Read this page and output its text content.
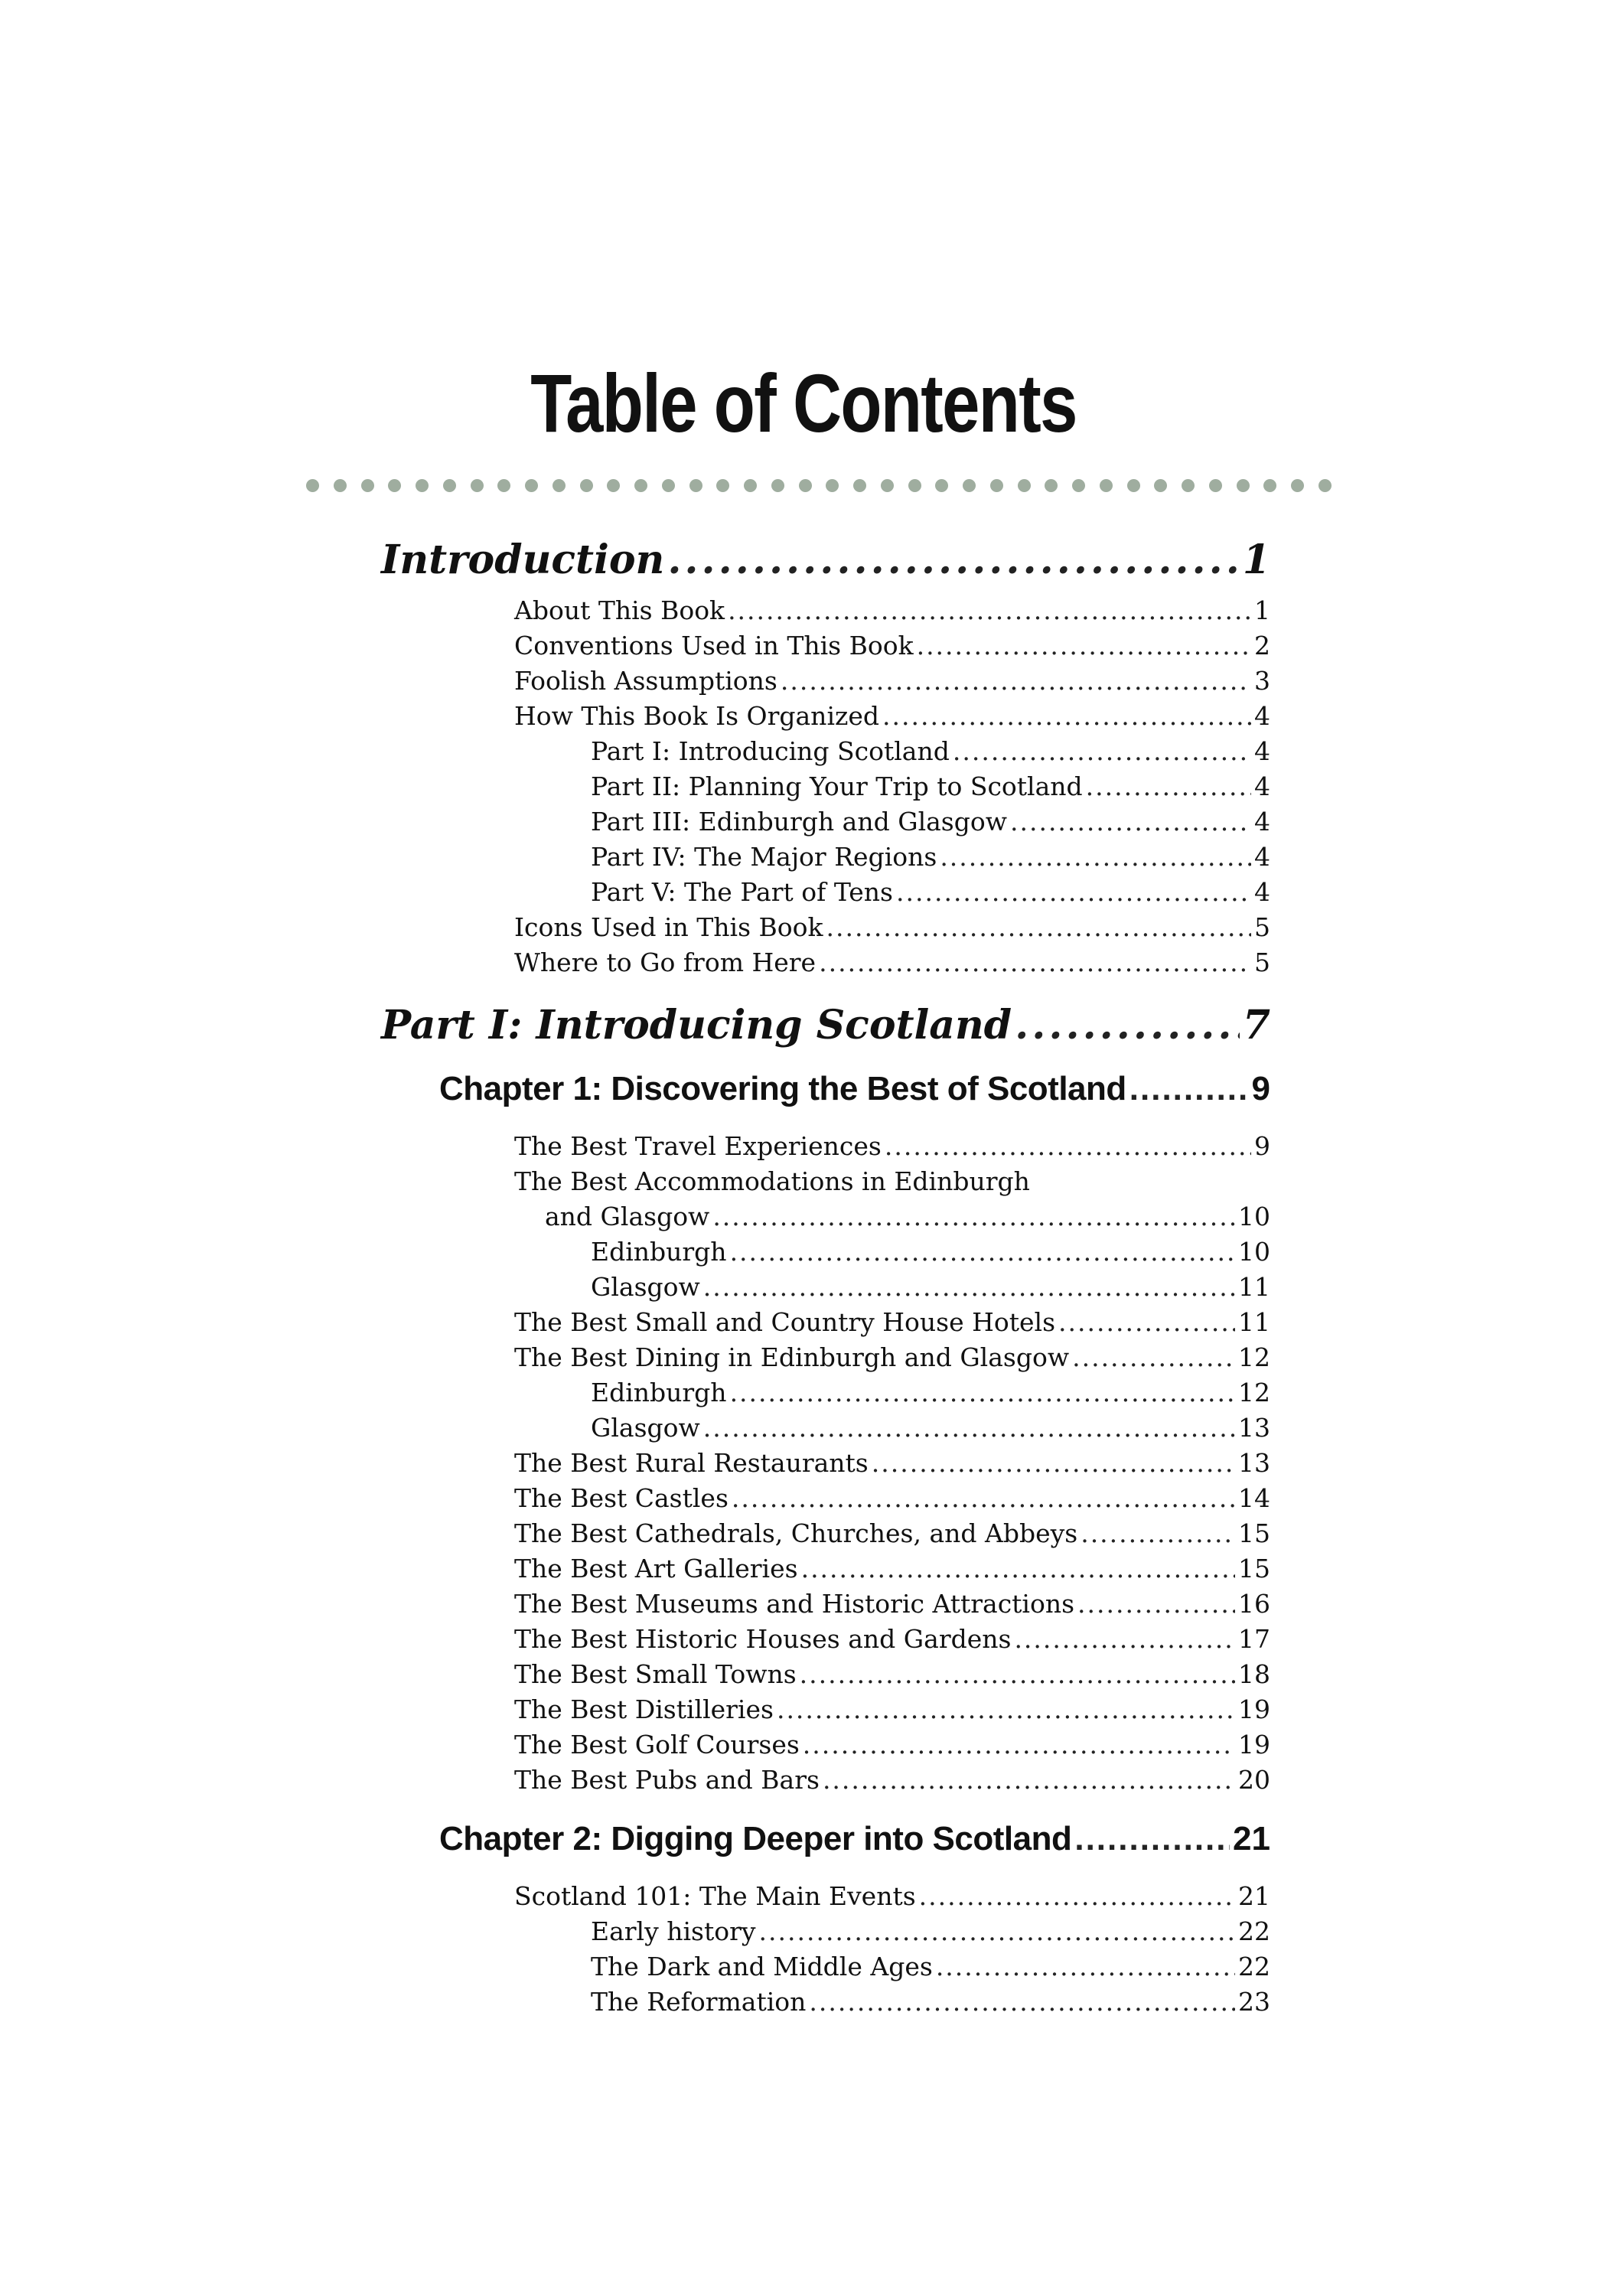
Table of Contents
Introduction .....	1
About This Book .....	1
Conventions Used in This Book .....	2
Foolish Assumptions .....	3
How This Book Is Organized .....	4
Part I: Introducing Scotland .....	4
Part II: Planning Your Trip to Scotland .....	4
Part III: Edinburgh and Glasgow .....	4
Part IV: The Major Regions .....	4
Part V: The Part of Tens .....	4
Icons Used in This Book .....	5
Where to Go from Here .....	5
Part I: Introducing Scotland .....	7
Chapter 1: Discovering the Best of Scotland .....	9
The Best Travel Experiences .....	9
The Best Accommodations in Edinburgh
and Glasgow .....	10
Edinburgh .....	10
Glasgow .....	11
The Best Small and Country House Hotels .....	11
The Best Dining in Edinburgh and Glasgow .....	12
Edinburgh .....	12
Glasgow .....	13
The Best Rural Restaurants .....	13
The Best Castles .....	14
The Best Cathedrals, Churches, and Abbeys .....	15
The Best Art Galleries .....	15
The Best Museums and Historic Attractions .....	16
The Best Historic Houses and Gardens .....	17
The Best Small Towns .....	18
The Best Distilleries .....	19
The Best Golf Courses .....	19
The Best Pubs and Bars .....	20
Chapter 2: Digging Deeper into Scotland .....	21
Scotland 101: The Main Events .....	21
Early history .....	22
The Dark and Middle Ages .....	22
The Reformation .....	23
